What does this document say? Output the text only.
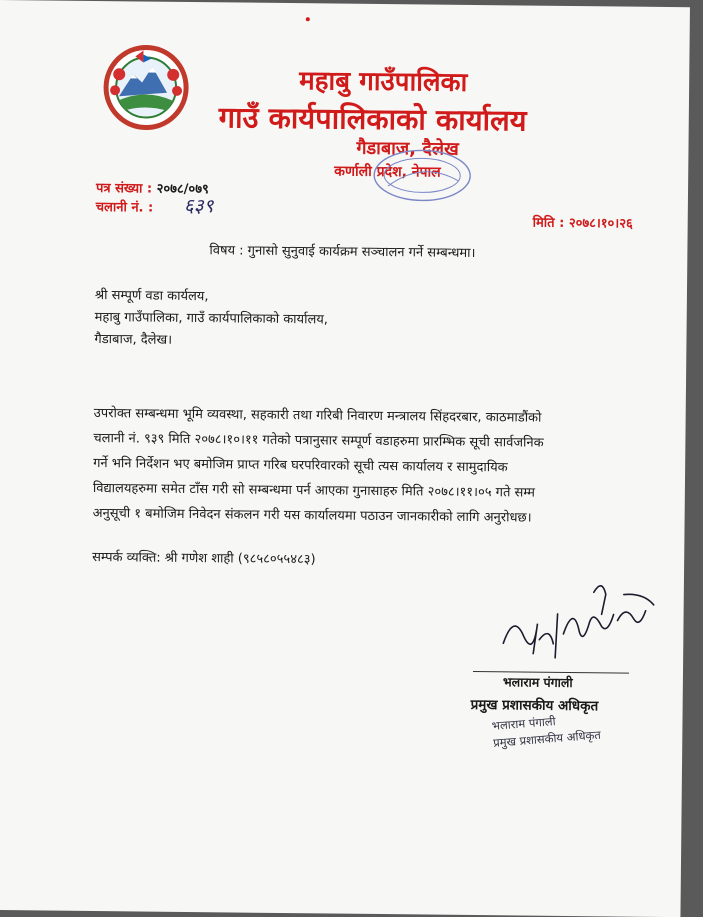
महाबु गाउँपालिका
गाउँ कार्यपालिकाको कार्यालय
गैडाबाज, दैलेख
कर्णाली प्रदेश, नेपाल
पत्र संख्या : २०७८/०७९
चलानी नं. : ६३९
मिति : २०७८।१०।२६
विषय : गुनासो सुनुवाई कार्यक्रम सञ्चालन गर्ने सम्बन्धमा।
श्री सम्पूर्ण वडा कार्यलय,
महाबु गाउँपालिका, गाउँ कार्यपालिकाको कार्यालय,
गैडाबाज, दैलेख।

उपरोक्त सम्बन्धमा भूमि व्यवस्था, सहकारी तथा गरिबी निवारण मन्त्रालय सिंहदरबार, काठमाडौंको

चलानी नं. ९३९ मिति २०७८।१०।११ गतेको पत्रानुसार सम्पूर्ण वडाहरुमा प्रारम्भिक सूची सार्वजनिक

गर्ने भनि निर्देशन भए बमोजिम प्राप्त गरिब घरपरिवारको सूची त्यस कार्यालय र सामुदायिक

विद्यालयहरुमा समेत टाँस गरी सो सम्बन्धमा पर्न आएका गुनासाहरु मिति २०७८।११।०५ गते सम्म

अनुसूची १ बमोजिम निवेदन संकलन गरी यस कार्यालयमा पठाउन जानकारीको लागि अनुरोधछ।

सम्पर्क व्यक्ति: श्री गणेश शाही (९८५८०५५४८३)
भलाराम पंगाली
प्रमुख प्रशासकीय अधिकृत
भलाराम पंगाली
प्रमुख प्रशासकीय अधिकृत
